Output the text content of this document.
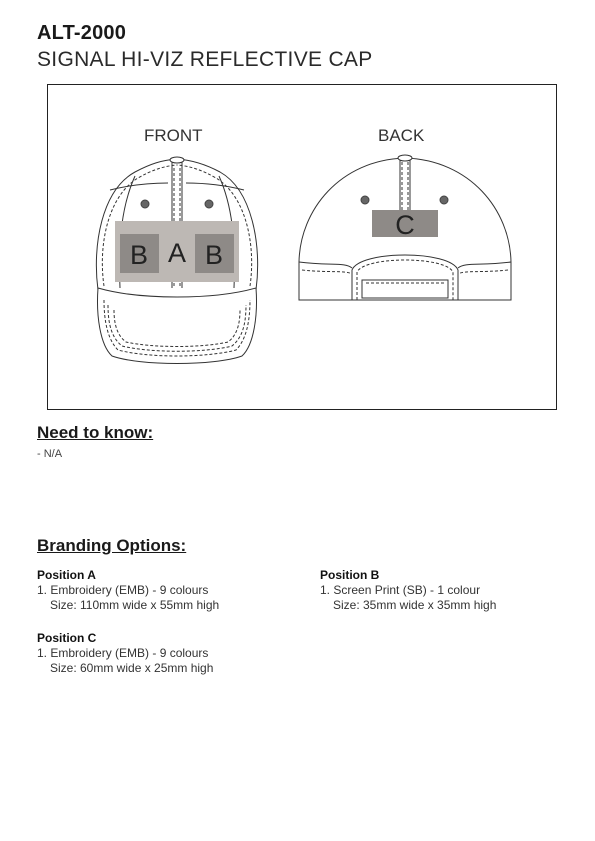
ALT-2000
SIGNAL HI-VIZ REFLECTIVE CAP
FRONT	BACK
B A B
C
Need to know:
- N/A
Branding Options:
Position A
1. Embroidery (EMB) - 9 colours
Size: 110mm wide x 55mm high
Position B
1. Screen Print (SB) - 1 colour
Size: 35mm wide x 35mm high
Position C
1. Embroidery (EMB) - 9 colours
Size: 60mm wide x 25mm high
